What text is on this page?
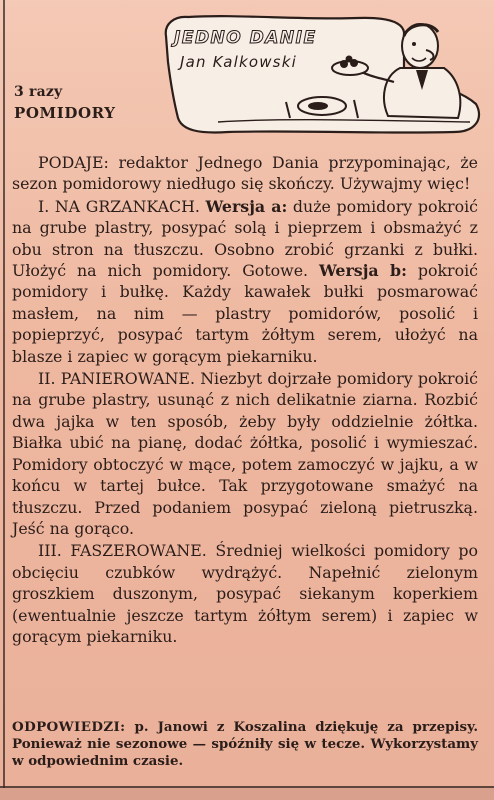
JEDNO DANIE
Jan Kalkowski
3 razy
POMIDORY

PODAJE: redaktor Jednego Dania przypominając, że sezon pomidorowy niedługo się skończy. Używajmy więc!

I. NA GRZANKACH. Wersja a: duże pomidory pokroić na grube plastry, posypać solą i pieprzem i obsmażyć z obu stron na tłuszczu. Osobno zrobić grzanki z bułki. Ułożyć na nich pomidory. Gotowe. Wersja b: pokroić pomidory i bułkę. Każdy kawałek bułki posmarować masłem, na nim — plastry pomidorów, posolić i popieprzyć, posypać tartym żółtym serem, ułożyć na blasze i zapiec w gorącym piekarniku.

II. PANIEROWANE. Niezbyt dojrzałe pomidory pokroić na grube plastry, usunąć z nich delikatnie ziarna. Rozbić dwa jajka w ten sposób, żeby były oddzielnie żółtka. Białka ubić na pianę, dodać żółtka, posolić i wymieszać. Pomidory obtoczyć w mące, potem zamoczyć w jajku, a w końcu w tartej bułce. Tak przygotowane smażyć na tłuszczu. Przed podaniem posypać zieloną pietruszką. Jeść na gorąco.

III. FASZEROWANE. Średniej wielkości pomidory po obcięciu czubków wydrążyć. Napełnić zielonym groszkiem duszonym, posypać siekanym koperkiem (ewentualnie jeszcze tartym żółtym serem) i zapiec w gorącym piekarniku.

ODPOWIEDZI: p. Janowi z Koszalina dziękuję za przepisy. Ponieważ nie sezonowe — spóźniły się w tecze. Wykorzystamy w odpowiednim czasie.
